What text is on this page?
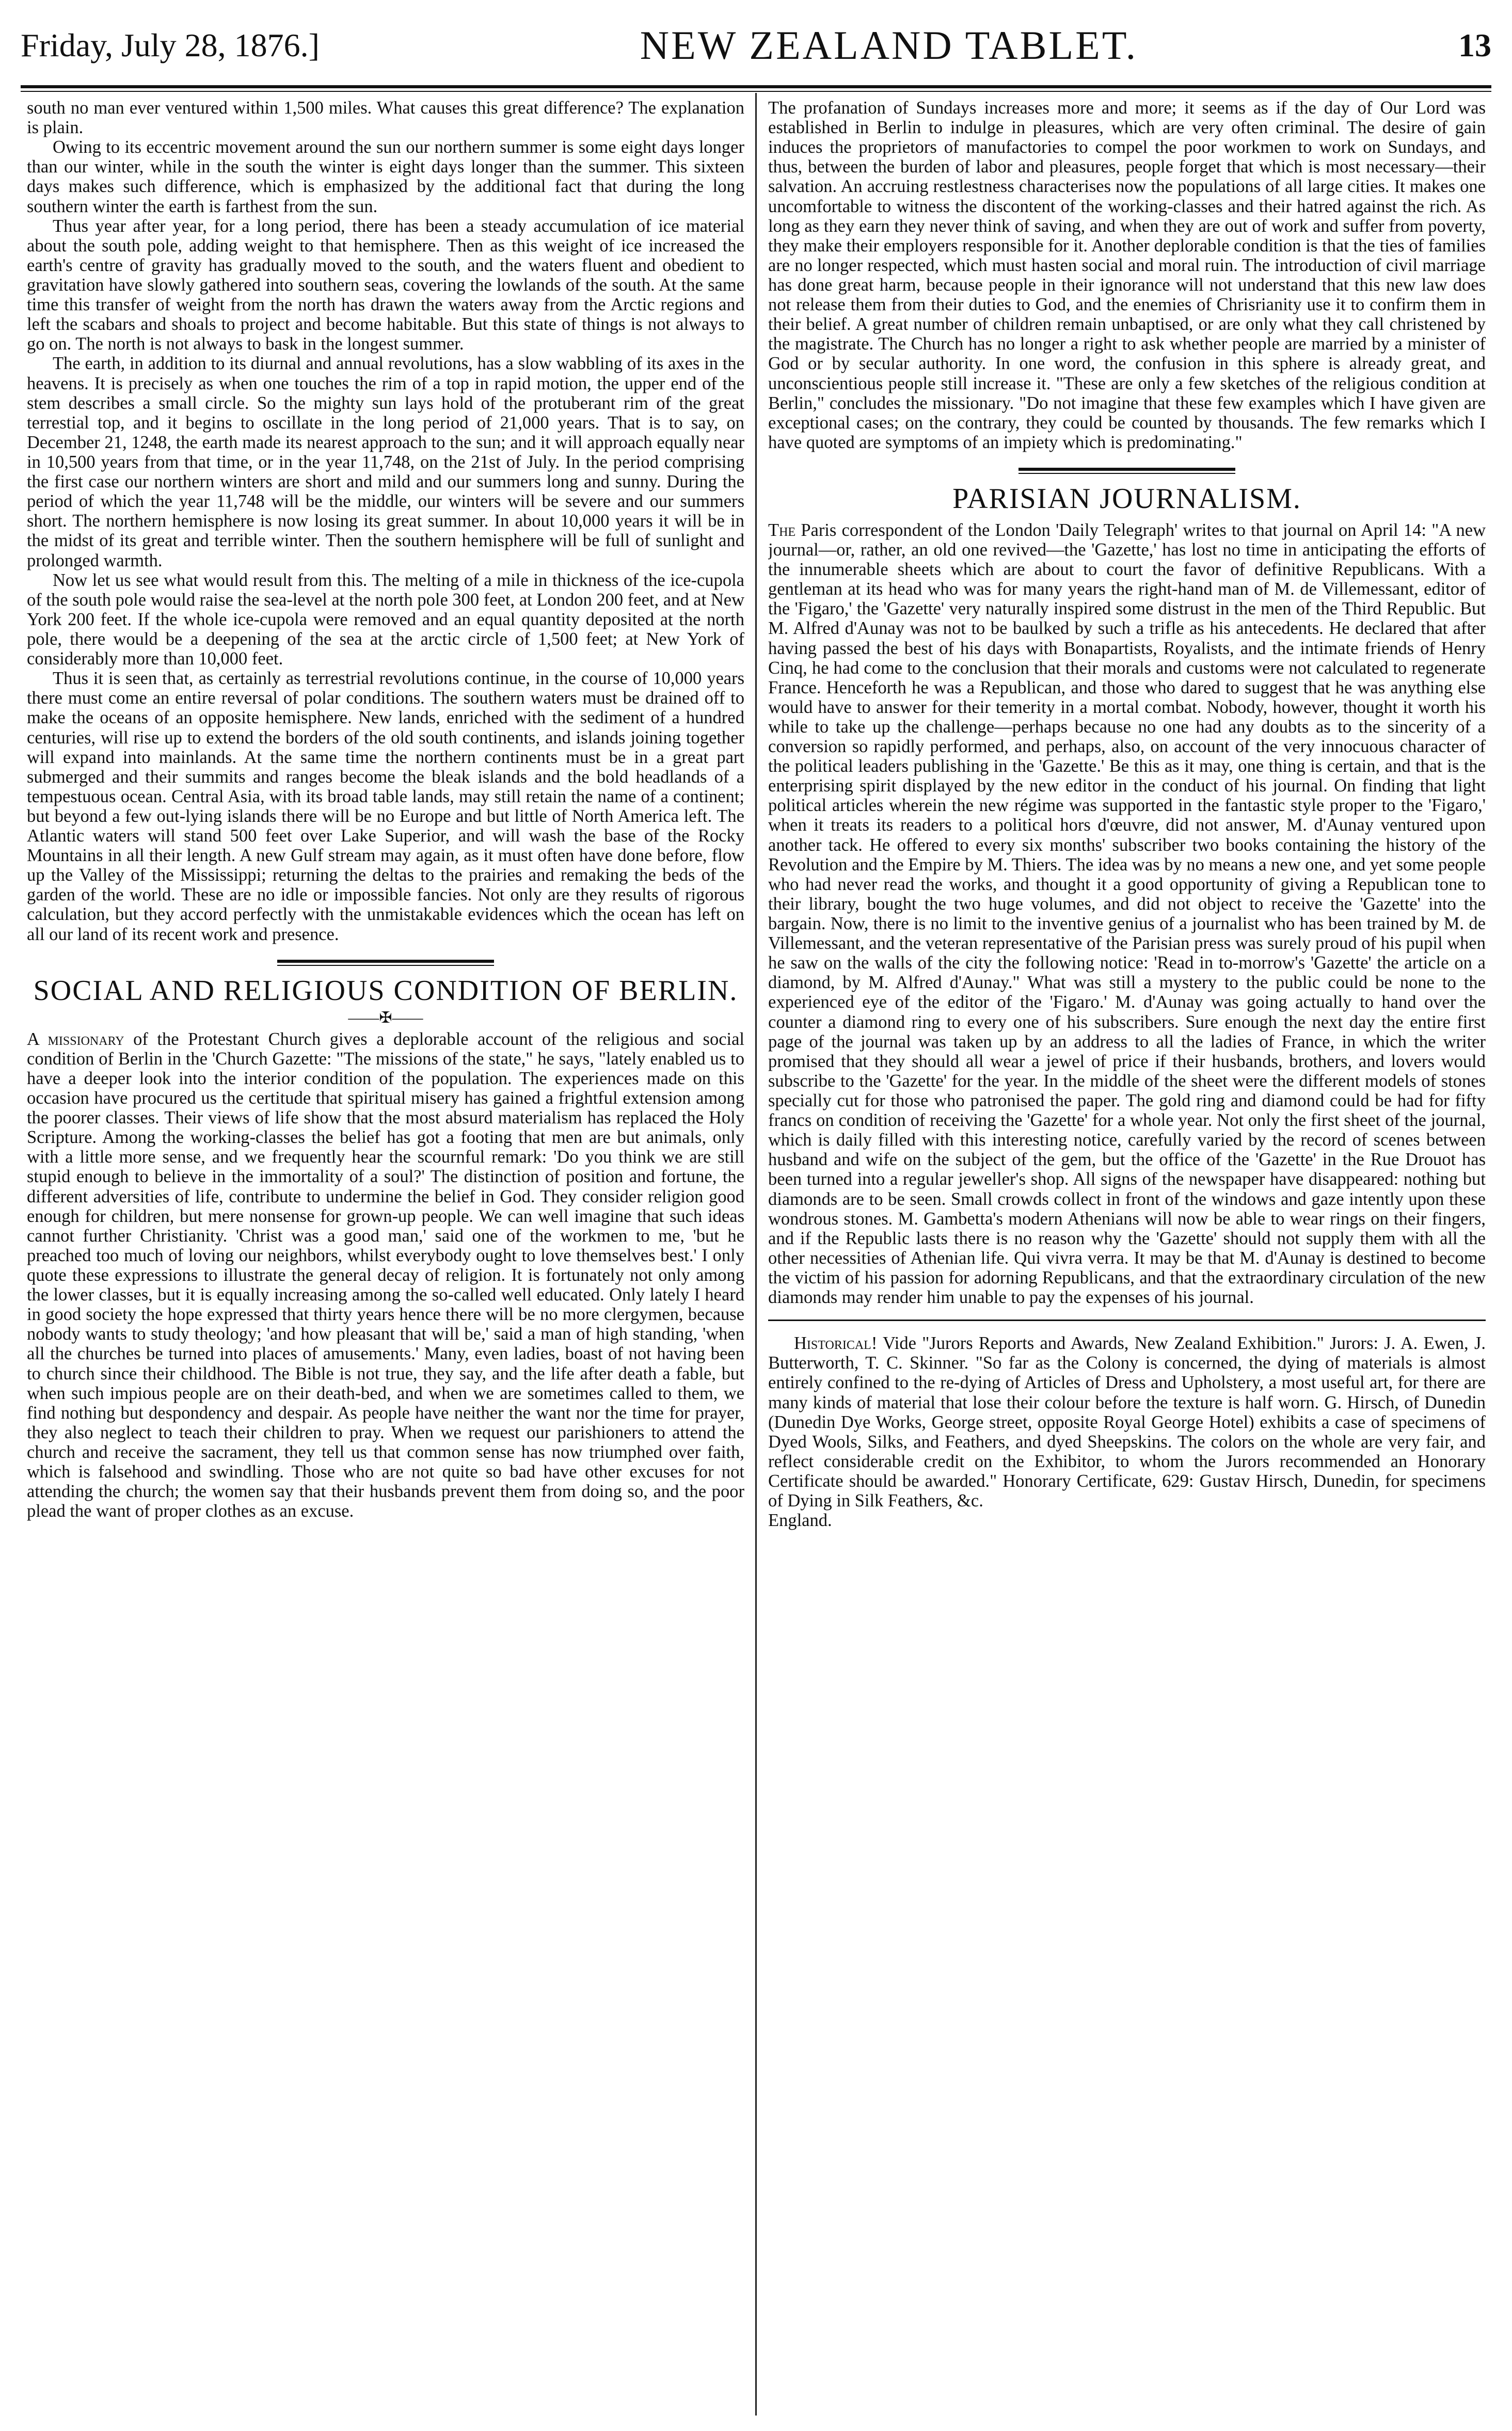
Friday, July 28, 1876.]	NEW ZEALAND TABLET.	13

south no man ever ventured within 1,500 miles. What causes this great difference? The explanation is plain.

Owing to its eccentric movement around the sun our northern summer is some eight days longer than our winter, while in the south the winter is eight days longer than the summer. This sixteen days makes such difference, which is emphasized by the additional fact that during the long southern winter the earth is farthest from the sun.

Thus year after year, for a long period, there has been a steady accumulation of ice material about the south pole, adding weight to that hemisphere. Then as this weight of ice increased the earth's centre of gravity has gradually moved to the south, and the waters fluent and obedient to gravitation have slowly gathered into southern seas, covering the lowlands of the south. At the same time this transfer of weight from the north has drawn the waters away from the Arctic regions and left the scabars and shoals to project and become habitable. But this state of things is not always to go on. The north is not always to bask in the longest summer.

The earth, in addition to its diurnal and annual revolutions, has a slow wabbling of its axes in the heavens. It is precisely as when one touches the rim of a top in rapid motion, the upper end of the stem describes a small circle. So the mighty sun lays hold of the protuberant rim of the great terrestial top, and it begins to oscillate in the long period of 21,000 years. That is to say, on December 21, 1248, the earth made its nearest approach to the sun; and it will approach equally near in 10,500 years from that time, or in the year 11,748, on the 21st of July. In the period comprising the first case our northern winters are short and mild and our summers long and sunny. During the period of which the year 11,748 will be the middle, our winters will be severe and our summers short. The northern hemisphere is now losing its great summer. In about 10,000 years it will be in the midst of its great and terrible winter. Then the southern hemisphere will be full of sunlight and prolonged warmth.

Now let us see what would result from this. The melting of a mile in thickness of the ice-cupola of the south pole would raise the sea-level at the north pole 300 feet, at London 200 feet, and at New York 200 feet. If the whole ice-cupola were removed and an equal quantity deposited at the north pole, there would be a deepening of the sea at the arctic circle of 1,500 feet; at New York of considerably more than 10,000 feet.

Thus it is seen that, as certainly as terrestrial revolutions continue, in the course of 10,000 years there must come an entire reversal of polar conditions. The southern waters must be drained off to make the oceans of an opposite hemisphere. New lands, enriched with the sediment of a hundred centuries, will rise up to extend the borders of the old south continents, and islands joining together will expand into mainlands. At the same time the northern continents must be in a great part submerged and their summits and ranges become the bleak islands and the bold headlands of a tempestuous ocean. Central Asia, with its broad table lands, may still retain the name of a continent; but beyond a few out-lying islands there will be no Europe and but little of North America left. The Atlantic waters will stand 500 feet over Lake Superior, and will wash the base of the Rocky Mountains in all their length. A new Gulf stream may again, as it must often have done before, flow up the Valley of the Mississippi; returning the deltas to the prairies and remaking the beds of the garden of the world. These are no idle or impossible fancies. Not only are they results of rigorous calculation, but they accord perfectly with the unmistakable evidences which the ocean has left on all our land of its recent work and presence.

SOCIAL AND RELIGIOUS CONDITION OF BERLIN.
——✠——

A missionary of the Protestant Church gives a deplorable account of the religious and social condition of Berlin in the 'Church Gazette: "The missions of the state," he says, "lately enabled us to have a deeper look into the interior condition of the population. The experiences made on this occasion have procured us the certitude that spiritual misery has gained a frightful extension among the poorer classes. Their views of life show that the most absurd materialism has replaced the Holy Scripture. Among the working-classes the belief has got a footing that men are but animals, only with a little more sense, and we frequently hear the scournful remark: 'Do you think we are still stupid enough to believe in the immortality of a soul?' The distinction of position and fortune, the different adversities of life, contribute to undermine the belief in God. They consider religion good enough for children, but mere nonsense for grown-up people. We can well imagine that such ideas cannot further Christianity. 'Christ was a good man,' said one of the workmen to me, 'but he preached too much of loving our neighbors, whilst everybody ought to love themselves best.' I only quote these expressions to illustrate the general decay of religion. It is fortunately not only among the lower classes, but it is equally increasing among the so-called well educated. Only lately I heard in good society the hope expressed that thirty years hence there will be no more clergymen, because nobody wants to study theology; 'and how pleasant that will be,' said a man of high standing, 'when all the churches be turned into places of amusements.' Many, even ladies, boast of not having been to church since their childhood. The Bible is not true, they say, and the life after death a fable, but when such impious people are on their death-bed, and when we are sometimes called to them, we find nothing but despondency and despair. As people have neither the want nor the time for prayer, they also neglect to teach their children to pray. When we request our parishioners to attend the church and receive the sacrament, they tell us that common sense has now triumphed over faith, which is falsehood and swindling. Those who are not quite so bad have other excuses for not attending the church; the women say that their husbands prevent them from doing so, and the poor plead the want of proper clothes as an excuse.

The profanation of Sundays increases more and more; it seems as if the day of Our Lord was established in Berlin to indulge in pleasures, which are very often criminal. The desire of gain induces the proprietors of manufactories to compel the poor workmen to work on Sundays, and thus, between the burden of labor and pleasures, people forget that which is most necessary—their salvation. An accruing restlestness characterises now the populations of all large cities. It makes one uncomfortable to witness the discontent of the working-classes and their hatred against the rich. As long as they earn they never think of saving, and when they are out of work and suffer from poverty, they make their employers responsible for it. Another deplorable condition is that the ties of families are no longer respected, which must hasten social and moral ruin. The introduction of civil marriage has done great harm, because people in their ignorance will not understand that this new law does not release them from their duties to God, and the enemies of Chrisrianity use it to confirm them in their belief. A great number of children remain unbaptised, or are only what they call christened by the magistrate. The Church has no longer a right to ask whether people are married by a minister of God or by secular authority. In one word, the confusion in this sphere is already great, and unconscientious people still increase it. "These are only a few sketches of the religious condition at Berlin," concludes the missionary. "Do not imagine that these few examples which I have given are exceptional cases; on the contrary, they could be counted by thousands. The few remarks which I have quoted are symptoms of an impiety which is predominating."

PARISIAN JOURNALISM.

The Paris correspondent of the London 'Daily Telegraph' writes to that journal on April 14: "A new journal—or, rather, an old one revived—the 'Gazette,' has lost no time in anticipating the efforts of the innumerable sheets which are about to court the favor of definitive Republicans. With a gentleman at its head who was for many years the right-hand man of M. de Villemessant, editor of the 'Figaro,' the 'Gazette' very naturally inspired some distrust in the men of the Third Republic. But M. Alfred d'Aunay was not to be baulked by such a trifle as his antecedents. He declared that after having passed the best of his days with Bonapartists, Royalists, and the intimate friends of Henry Cinq, he had come to the conclusion that their morals and customs were not calculated to regenerate France. Henceforth he was a Republican, and those who dared to suggest that he was anything else would have to answer for their temerity in a mortal combat. Nobody, however, thought it worth his while to take up the challenge—perhaps because no one had any doubts as to the sincerity of a conversion so rapidly performed, and perhaps, also, on account of the very innocuous character of the political leaders publishing in the 'Gazette.' Be this as it may, one thing is certain, and that is the enterprising spirit displayed by the new editor in the conduct of his journal. On finding that light political articles wherein the new régime was supported in the fantastic style proper to the 'Figaro,' when it treats its readers to a political hors d'œuvre, did not answer, M. d'Aunay ventured upon another tack. He offered to every six months' subscriber two books containing the history of the Revolution and the Empire by M. Thiers. The idea was by no means a new one, and yet some people who had never read the works, and thought it a good opportunity of giving a Republican tone to their library, bought the two huge volumes, and did not object to receive the 'Gazette' into the bargain. Now, there is no limit to the inventive genius of a journalist who has been trained by M. de Villemessant, and the veteran representative of the Parisian press was surely proud of his pupil when he saw on the walls of the city the following notice: 'Read in to-morrow's 'Gazette' the article on a diamond, by M. Alfred d'Aunay." What was still a mystery to the public could be none to the experienced eye of the editor of the 'Figaro.' M. d'Aunay was going actually to hand over the counter a diamond ring to every one of his subscribers. Sure enough the next day the entire first page of the journal was taken up by an address to all the ladies of France, in which the writer promised that they should all wear a jewel of price if their husbands, brothers, and lovers would subscribe to the 'Gazette' for the year. In the middle of the sheet were the different models of stones specially cut for those who patronised the paper. The gold ring and diamond could be had for fifty francs on condition of receiving the 'Gazette' for a whole year. Not only the first sheet of the journal, which is daily filled with this interesting notice, carefully varied by the record of scenes between husband and wife on the subject of the gem, but the office of the 'Gazette' in the Rue Drouot has been turned into a regular jeweller's shop. All signs of the newspaper have disappeared: nothing but diamonds are to be seen. Small crowds collect in front of the windows and gaze intently upon these wondrous stones. M. Gambetta's modern Athenians will now be able to wear rings on their fingers, and if the Republic lasts there is no reason why the 'Gazette' should not supply them with all the other necessities of Athenian life. Qui vivra verra. It may be that M. d'Aunay is destined to become the victim of his passion for adorning Republicans, and that the extraordinary circulation of the new diamonds may render him unable to pay the expenses of his journal.

Historical! Vide "Jurors Reports and Awards, New Zealand Exhibition." Jurors: J. A. Ewen, J. Butterworth, T. C. Skinner. "So far as the Colony is concerned, the dying of materials is almost entirely confined to the re-dying of Articles of Dress and Upholstery, a most useful art, for there are many kinds of material that lose their colour before the texture is half worn. G. Hirsch, of Dunedin (Dunedin Dye Works, George street, opposite Royal George Hotel) exhibits a case of specimens of Dyed Wools, Silks, and Feathers, and dyed Sheepskins. The colors on the whole are very fair, and reflect considerable credit on the Exhibitor, to whom the Jurors recommended an Honorary Certificate should be awarded." Honorary Certificate, 629: Gustav Hirsch, Dunedin, for specimens of Dying in Silk Feathers, &c.

England.
